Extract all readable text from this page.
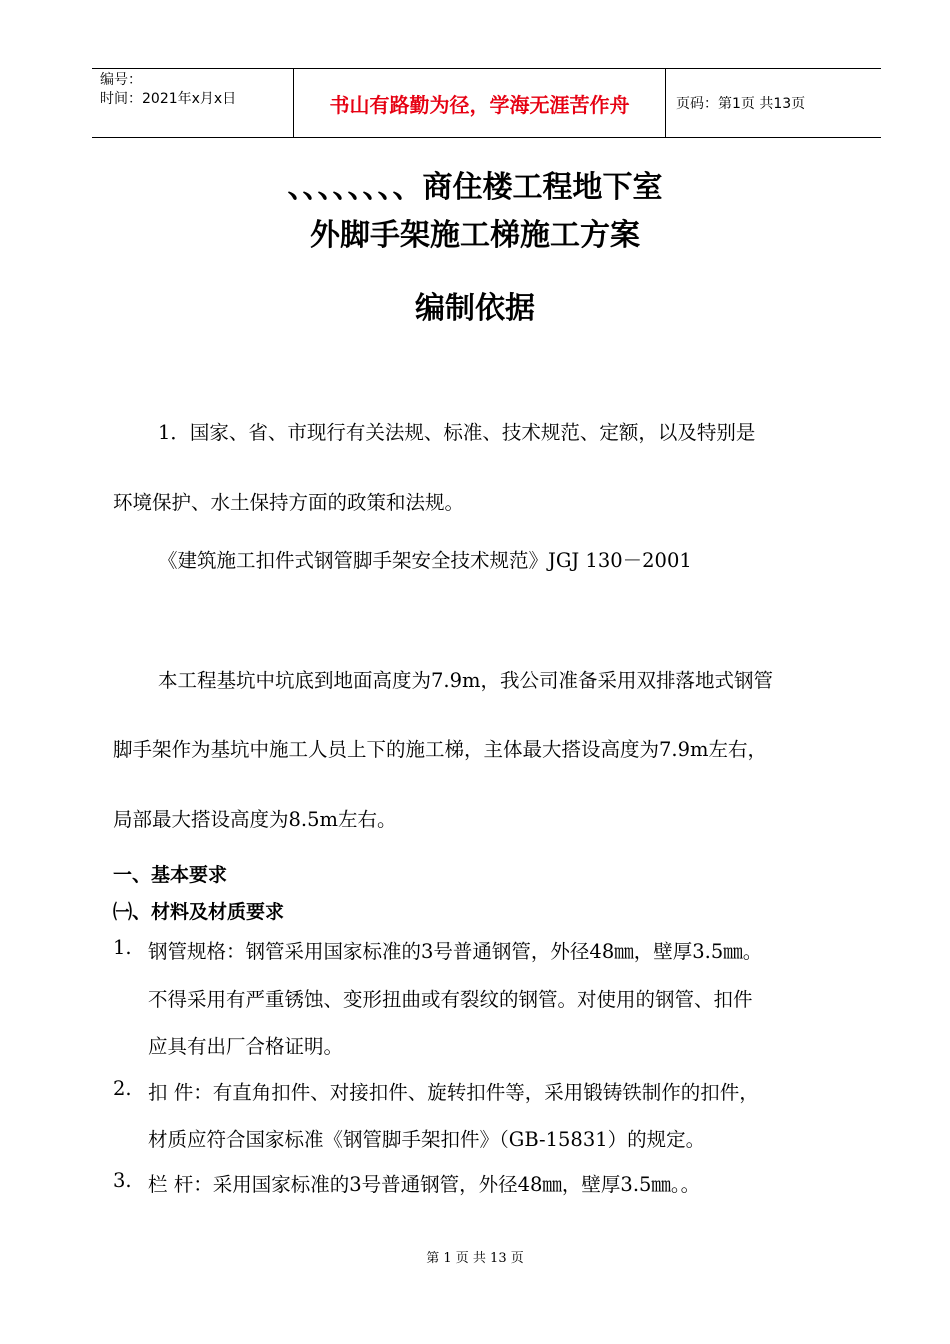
编号：
时间：2021年x月x日	书山有路勤为径，学海无涯苦作舟	页码：第1页 共13页
、、、、、、、、商住楼工程地下室
外脚手架施工梯施工方案
编制依据
1．国家、省、市现行有关法规、标准、技术规范、定额，以及特别是
环境保护、水土保持方面的政策和法规。
《建筑施工扣件式钢管脚手架安全技术规范》JGJ 130－2001
本工程基坑中坑底到地面高度为7.9m，我公司准备采用双排落地式钢管
脚手架作为基坑中施工人员上下的施工梯，主体最大搭设高度为7.9m左右，
局部最大搭设高度为8.5m左右。
一、基本要求
㈠、材料及材质要求
1. 钢管规格：钢管采用国家标准的3号普通钢管，外径48㎜，壁厚3.5㎜。
不得采用有严重锈蚀、变形扭曲或有裂纹的钢管。对使用的钢管、扣件
应具有出厂合格证明。
2. 扣 件：有直角扣件、对接扣件、旋转扣件等，采用锻铸铁制作的扣件，
材质应符合国家标准《钢管脚手架扣件》（GB-15831）的规定。
3. 栏 杆：采用国家标准的3号普通钢管，外径48㎜，壁厚3.5㎜。。
第 1 页 共 13 页
